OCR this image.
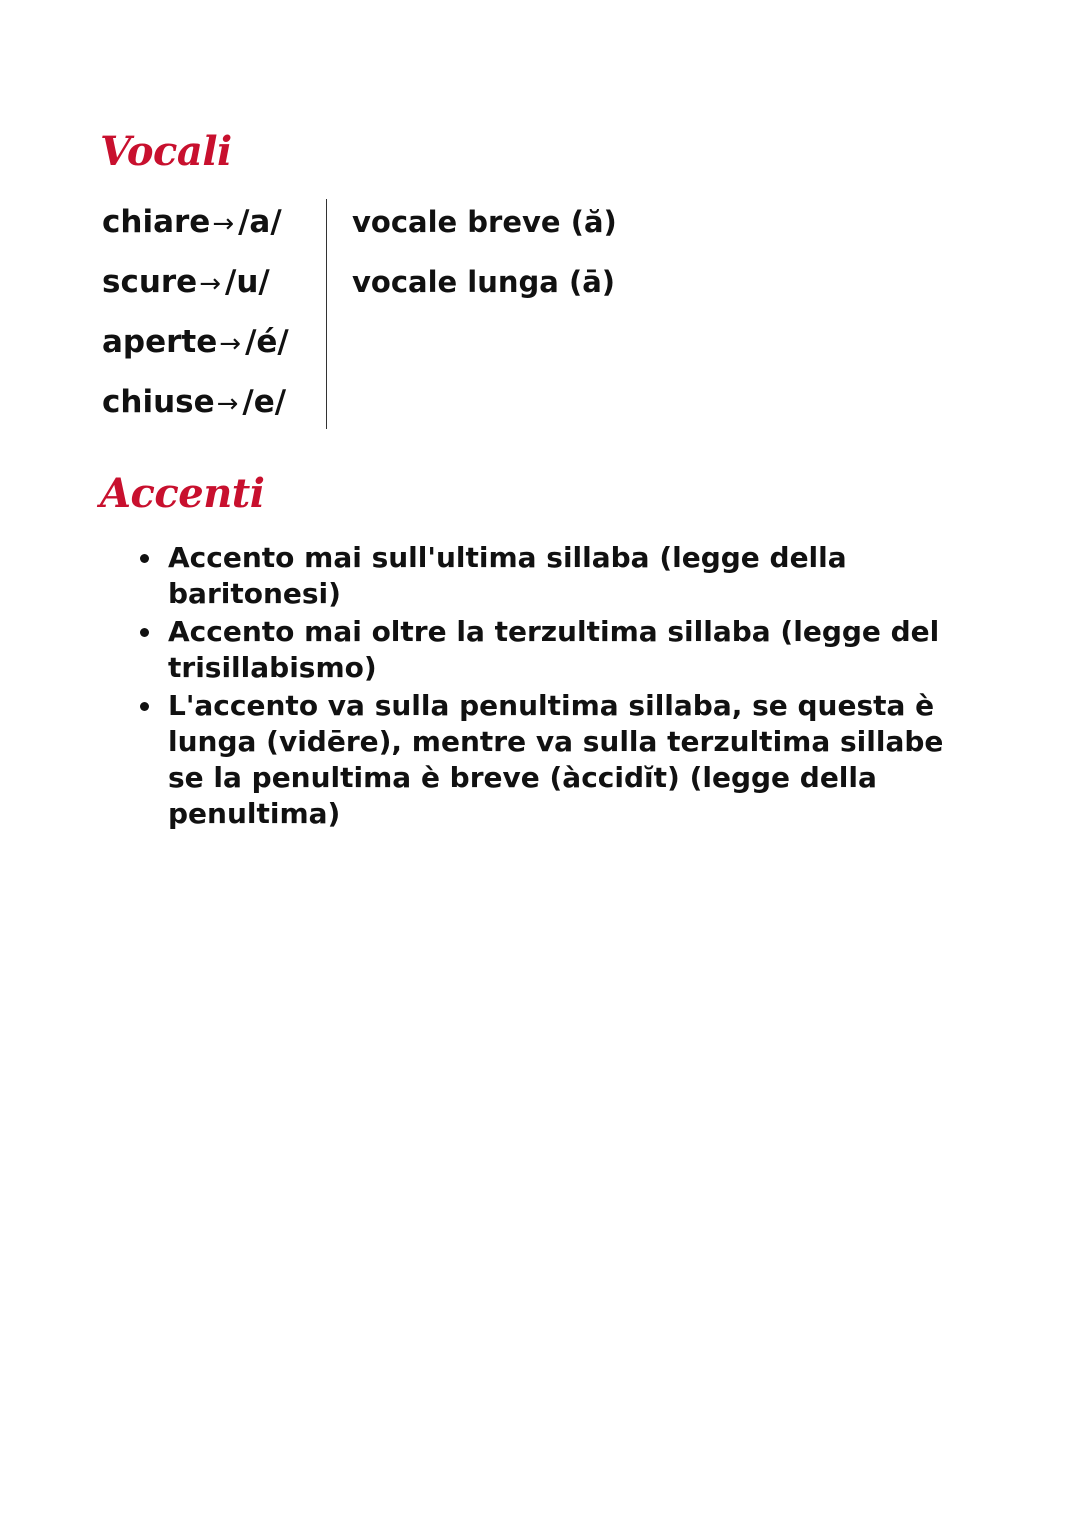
Vocali
chiare→ /a/
scure→ /u/
aperte→ /é/
chiuse→ /e/
vocale breve (ă)
vocale lunga (ā)
Accenti
Accento mai sull'ultima sillaba (legge della baritonesi)
Accento mai oltre la terzultima sillaba (legge del trisillabismo)
L'accento va sulla penultima sillaba, se questa è lunga (vidēre), mentre va sulla terzultima sillabe se la penultima è breve (àccidĭt) (legge della penultima)
